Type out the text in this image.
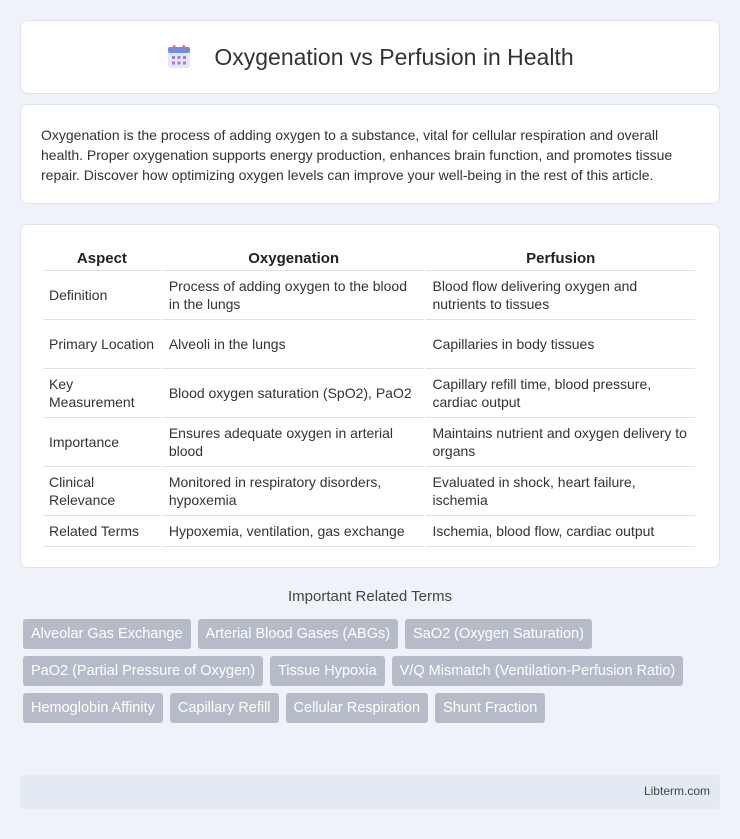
Oxygenation vs Perfusion in Health

Oxygenation is the process of adding oxygen to a substance, vital for cellular respiration and overall health. Proper oxygenation supports energy production, enhances brain function, and promotes tissue repair. Discover how optimizing oxygen levels can improve your well-being in the rest of this article.

Aspect	Oxygenation	Perfusion
Definition	Process of adding oxygen to the blood in the lungs	Blood flow delivering oxygen and nutrients to tissues
Primary Location	Alveoli in the lungs	Capillaries in body tissues
Key Measurement	Blood oxygen saturation (SpO2), PaO2	Capillary refill time, blood pressure, cardiac output
Importance	Ensures adequate oxygen in arterial blood	Maintains nutrient and oxygen delivery to organs
Clinical Relevance	Monitored in respiratory disorders, hypoxemia	Evaluated in shock, heart failure, ischemia
Related Terms	Hypoxemia, ventilation, gas exchange	Ischemia, blood flow, cardiac output
Important Related Terms
Alveolar Gas Exchange	Arterial Blood Gases (ABGs)	SaO2 (Oxygen Saturation)
PaO2 (Partial Pressure of Oxygen)	Tissue Hypoxia	V/Q Mismatch (Ventilation-Perfusion Ratio)
Hemoglobin Affinity	Capillary Refill	Cellular Respiration	Shunt Fraction
Libterm.com
